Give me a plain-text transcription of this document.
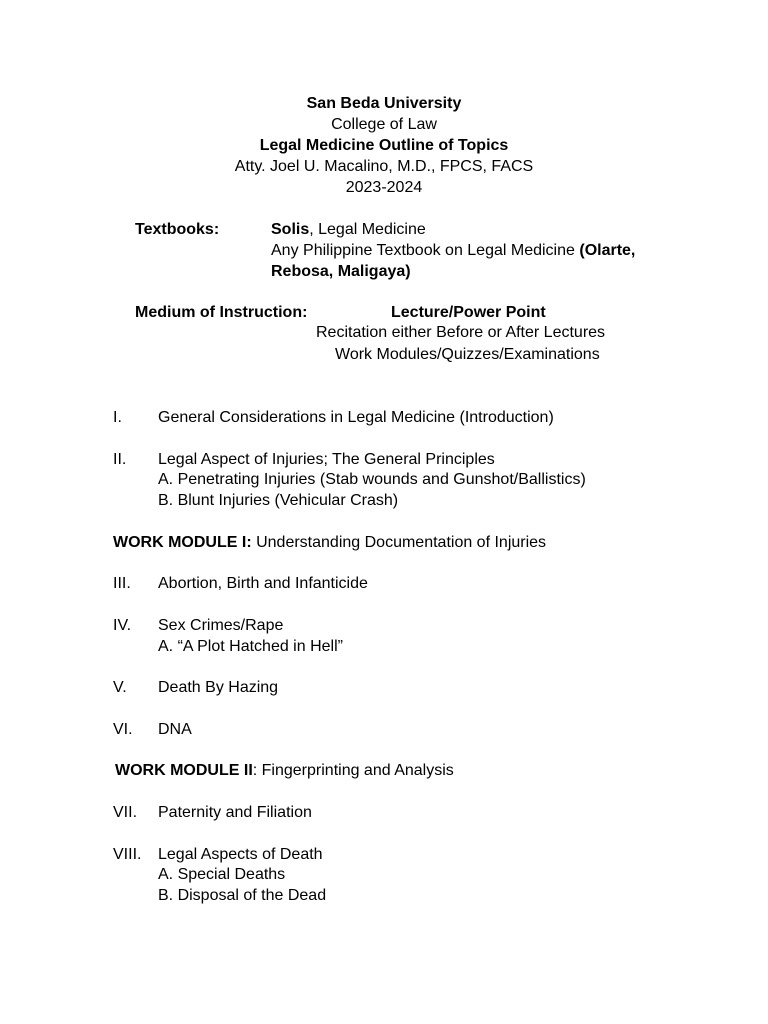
San Beda University
College of Law
Legal Medicine Outline of Topics
Atty. Joel U. Macalino, M.D., FPCS, FACS
2023-2024
Textbooks:	Solis, Legal Medicine
Any Philippine Textbook on Legal Medicine (Olarte,
Rebosa, Maligaya)
Medium of Instruction:	Lecture/Power Point
Recitation either Before or After Lectures
Work Modules/Quizzes/Examinations
I. General Considerations in Legal Medicine (Introduction)
II. Legal Aspect of Injuries; The General Principles
A. Penetrating Injuries (Stab wounds and Gunshot/Ballistics)
B. Blunt Injuries (Vehicular Crash)
WORK MODULE I: Understanding Documentation of Injuries
III. Abortion, Birth and Infanticide
IV. Sex Crimes/Rape
A. “A Plot Hatched in Hell”
V. Death By Hazing
VI. DNA
WORK MODULE II: Fingerprinting and Analysis
VII. Paternity and Filiation
VIII. Legal Aspects of Death
A. Special Deaths
B. Disposal of the Dead
